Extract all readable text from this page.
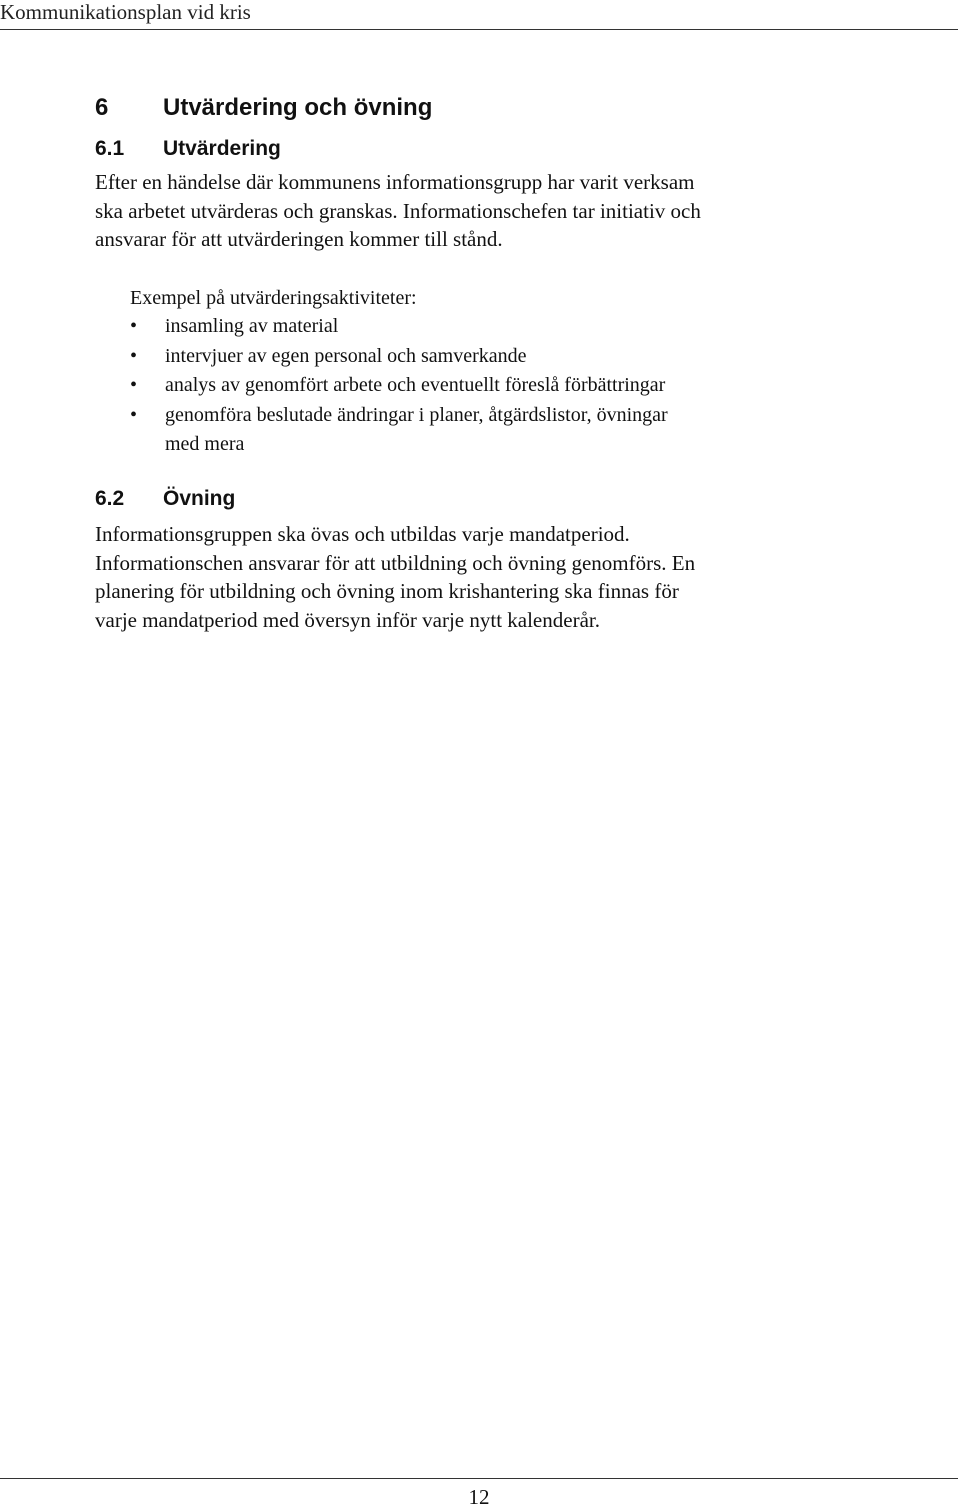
Kommunikationsplan vid kris
6	Utvärdering och övning
6.1	Utvärdering

Efter en händelse där kommunens informationsgrupp har varit verksam
ska arbetet utvärderas och granskas. Informationschefen tar initiativ och
ansvarar för att utvärderingen kommer till stånd.

Exempel på utvärderingsaktiviteter:

•	insamling av material
•	intervjuer av egen personal och samverkande
•	analys av genomfört arbete och eventuellt föreslå förbättringar
•	genomföra beslutade ändringar i planer, åtgärdslistor, övningar
med mera
6.2	Övning

Informationsgruppen ska övas och utbildas varje mandatperiod.
Informationschen ansvarar för att utbildning och övning genomförs. En
planering för utbildning och övning inom krishantering ska finnas för
varje mandatperiod med översyn inför varje nytt kalenderår.

12
